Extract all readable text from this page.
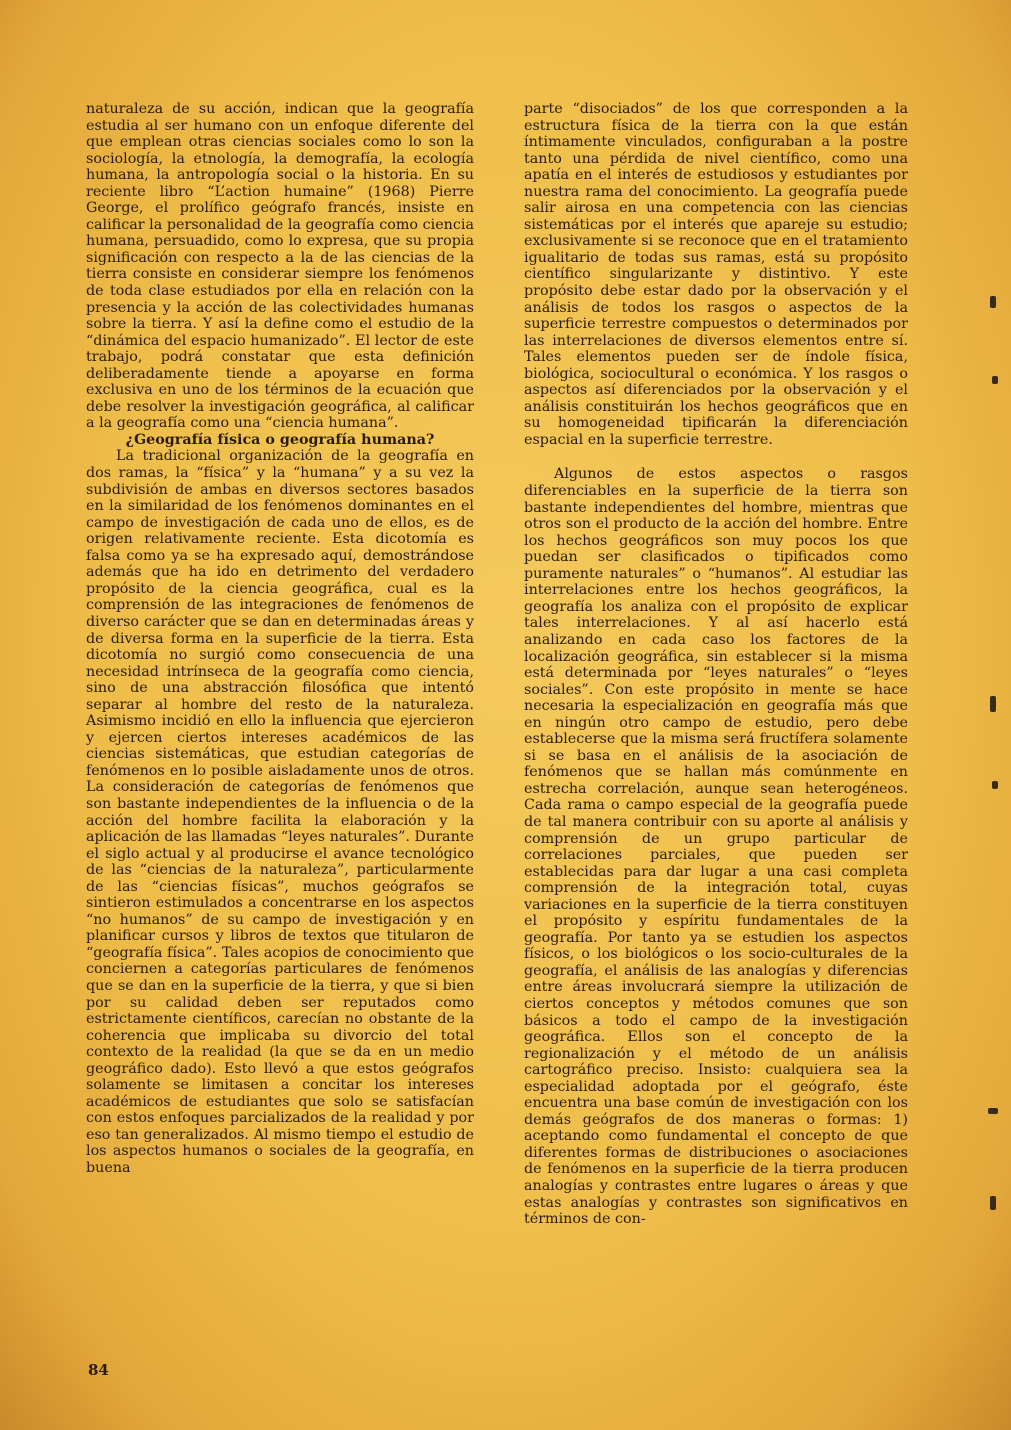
naturaleza de su acción, indican que la geografía estudia al ser humano con un enfoque diferente del que emplean otras ciencias sociales como lo son la sociología, la etnología, la demografía, la ecología humana, la antropología social o la historia. En su reciente libro “L’action humaine” (1968) Pierre George, el prolífico geógrafo francés, insiste en calificar la personalidad de la geografía como ciencia humana, persuadido, como lo expresa, que su propia significación con respecto a la de las ciencias de la tierra consiste en considerar siempre los fenómenos de toda clase estudiados por ella en relación con la presencia y la acción de las colectividades humanas sobre la tierra. Y así la define como el estudio de la “dinámica del espacio humanizado”. El lector de este trabajo, podrá constatar que esta definición deliberadamente tiende a apoyarse en forma exclusiva en uno de los términos de la ecuación que debe resolver la investigación geográfica, al calificar a la geografía como una “ciencia humana”.

¿Geografía física o geografía humana?

La tradicional organización de la geografía en dos ramas, la “física” y la “humana” y a su vez la subdivisión de ambas en diversos sectores basados en la similaridad de los fenómenos dominantes en el campo de investigación de cada uno de ellos, es de origen relativamente reciente. Esta dicotomía es falsa como ya se ha expresado aquí, demostrándose además que ha ido en detrimento del verdadero propósito de la ciencia geográfica, cual es la comprensión de las integraciones de fenómenos de diverso carácter que se dan en determinadas áreas y de diversa forma en la superficie de la tierra. Esta dicotomía no surgió como consecuencia de una necesidad intrínseca de la geografía como ciencia, sino de una abstracción filosófica que intentó separar al hombre del resto de la naturaleza. Asimismo incidió en ello la influencia que ejercieron y ejercen ciertos intereses académicos de las ciencias sistemáticas, que estudian categorías de fenómenos en lo posible aisladamente unos de otros. La consideración de categorías de fenómenos que son bastante independientes de la influencia o de la acción del hombre facilita la elaboración y la aplicación de las llamadas “leyes naturales”. Durante el siglo actual y al producirse el avance tecnológico de las “ciencias de la naturaleza”, particularmente de las “ciencias físicas”, muchos geógrafos se sintieron estimulados a concentrarse en los aspectos “no humanos” de su campo de investigación y en planificar cursos y libros de textos que titularon de “geografía física”. Tales acopios de conocimiento que conciernen a categorías particulares de fenómenos que se dan en la superficie de la tierra, y que si bien por su calidad deben ser reputados como estrictamente científicos, carecían no obstante de la coherencia que implicaba su divorcio del total contexto de la realidad (la que se da en un medio geográfico dado). Esto llevó a que estos geógrafos solamente se limitasen a concitar los intereses académicos de estudiantes que solo se satisfacían con estos enfoques parcializados de la realidad y por eso tan generalizados. Al mismo tiempo el estudio de los aspectos humanos o sociales de la geografía, en buena

parte “disociados” de los que corresponden a la estructura física de la tierra con la que están íntimamente vinculados, configuraban a la postre tanto una pérdida de nivel científico, como una apatía en el interés de estudiosos y estudiantes por nuestra rama del conocimiento. La geografía puede salir airosa en una competencia con las ciencias sistemáticas por el interés que apareje su estudio; exclusivamente si se reconoce que en el tratamiento igualitario de todas sus ramas, está su propósito científico singularizante y distintivo. Y este propósito debe estar dado por la observación y el análisis de todos los rasgos o aspectos de la superficie terrestre compuestos o determinados por las interrelaciones de diversos elementos entre sí. Tales elementos pueden ser de índole física, biológica, sociocultural o económica. Y los rasgos o aspectos así diferenciados por la observación y el análisis constituirán los hechos geográficos que en su homogeneidad tipificarán la diferenciación espacial en la superficie terrestre.

Algunos de estos aspectos o rasgos diferenciables en la superficie de la tierra son bastante independientes del hombre, mientras que otros son el producto de la acción del hombre. Entre los hechos geográficos son muy pocos los que puedan ser clasificados o tipificados como puramente naturales” o “humanos”. Al estudiar las interrelaciones entre los hechos geográficos, la geografía los analiza con el propósito de explicar tales interrelaciones. Y al así hacerlo está analizando en cada caso los factores de la localización geográfica, sin establecer si la misma está determinada por “leyes naturales” o “leyes sociales”. Con este propósito in mente se hace necesaria la especialización en geografía más que en ningún otro campo de estudio, pero debe establecerse que la misma será fructífera solamente si se basa en el análisis de la asociación de fenómenos que se hallan más comúnmente en estrecha correlación, aunque sean heterogéneos. Cada rama o campo especial de la geografía puede de tal manera contribuir con su aporte al análisis y comprensión de un grupo particular de correlaciones parciales, que pueden ser establecidas para dar lugar a una casi completa comprensión de la integración total, cuyas variaciones en la superficie de la tierra constituyen el propósito y espíritu fundamentales de la geografía. Por tanto ya se estudien los aspectos físicos, o los biológicos o los socio-culturales de la geografía, el análisis de las analogías y diferencias entre áreas involucrará siempre la utilización de ciertos conceptos y métodos comunes que son básicos a todo el campo de la investigación geográfica. Ellos son el concepto de la regionalización y el método de un análisis cartográfico preciso. Insisto: cualquiera sea la especialidad adoptada por el geógrafo, éste encuentra una base común de investigación con los demás geógrafos de dos maneras o formas: 1) aceptando como fundamental el concepto de que diferentes formas de distribuciones o asociaciones de fenómenos en la superficie de la tierra producen analogías y contrastes entre lugares o áreas y que estas analogías y contrastes son significativos en términos de con-

84
